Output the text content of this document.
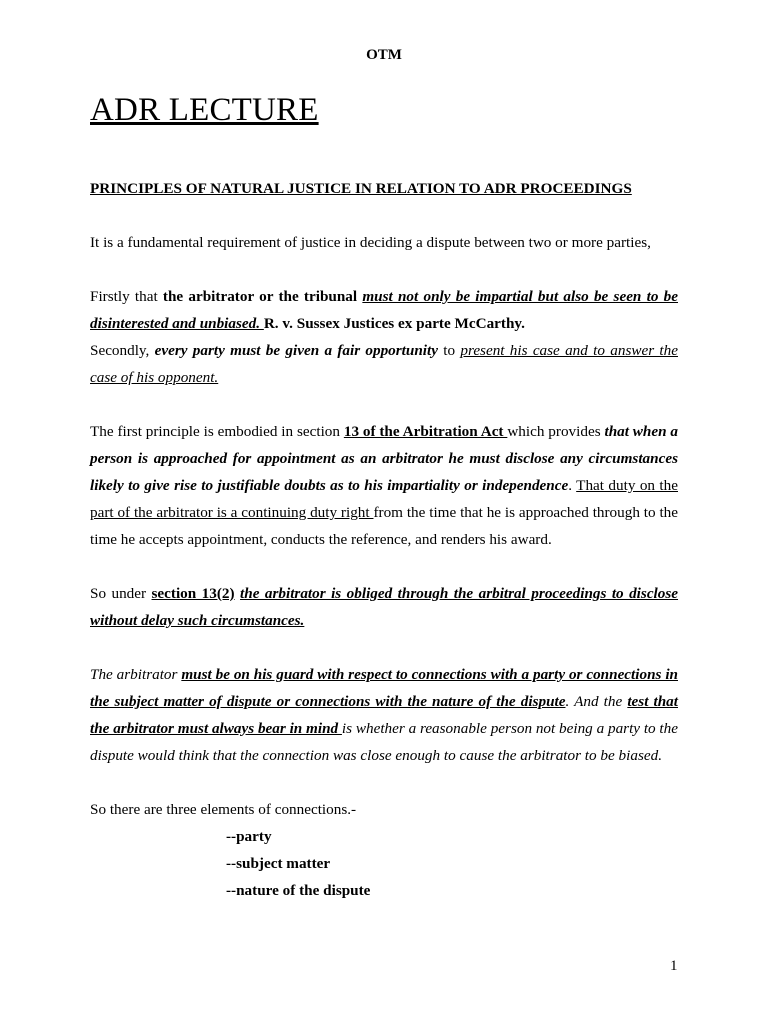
OTM
ADR LECTURE

PRINCIPLES OF NATURAL JUSTICE IN RELATION TO ADR PROCEEDINGS

It is a fundamental requirement of justice in deciding a dispute between two or more parties,

Firstly that the arbitrator or the tribunal must not only be impartial but also be seen to be disinterested and unbiased. R. v. Sussex Justices ex parte McCarthy.

Secondly, every party must be given a fair opportunity to present his case and to answer the case of his opponent.

The first principle is embodied in section 13 of the Arbitration Act which provides that when a person is approached for appointment as an arbitrator he must disclose any circumstances likely to give rise to justifiable doubts as to his impartiality or independence. That duty on the part of the arbitrator is a continuing duty right from the time that he is approached through to the time he accepts appointment, conducts the reference, and renders his award.

So under section 13(2) the arbitrator is obliged through the arbitral proceedings to disclose without delay such circumstances.

The arbitrator must be on his guard with respect to connections with a party or connections in the subject matter of dispute or connections with the nature of the dispute. And the test that the arbitrator must always bear in mind is whether a reasonable person not being a party to the dispute would think that the connection was close enough to cause the arbitrator to be biased.

So there are three elements of connections.-

--party
--subject matter
--nature of the dispute
1
